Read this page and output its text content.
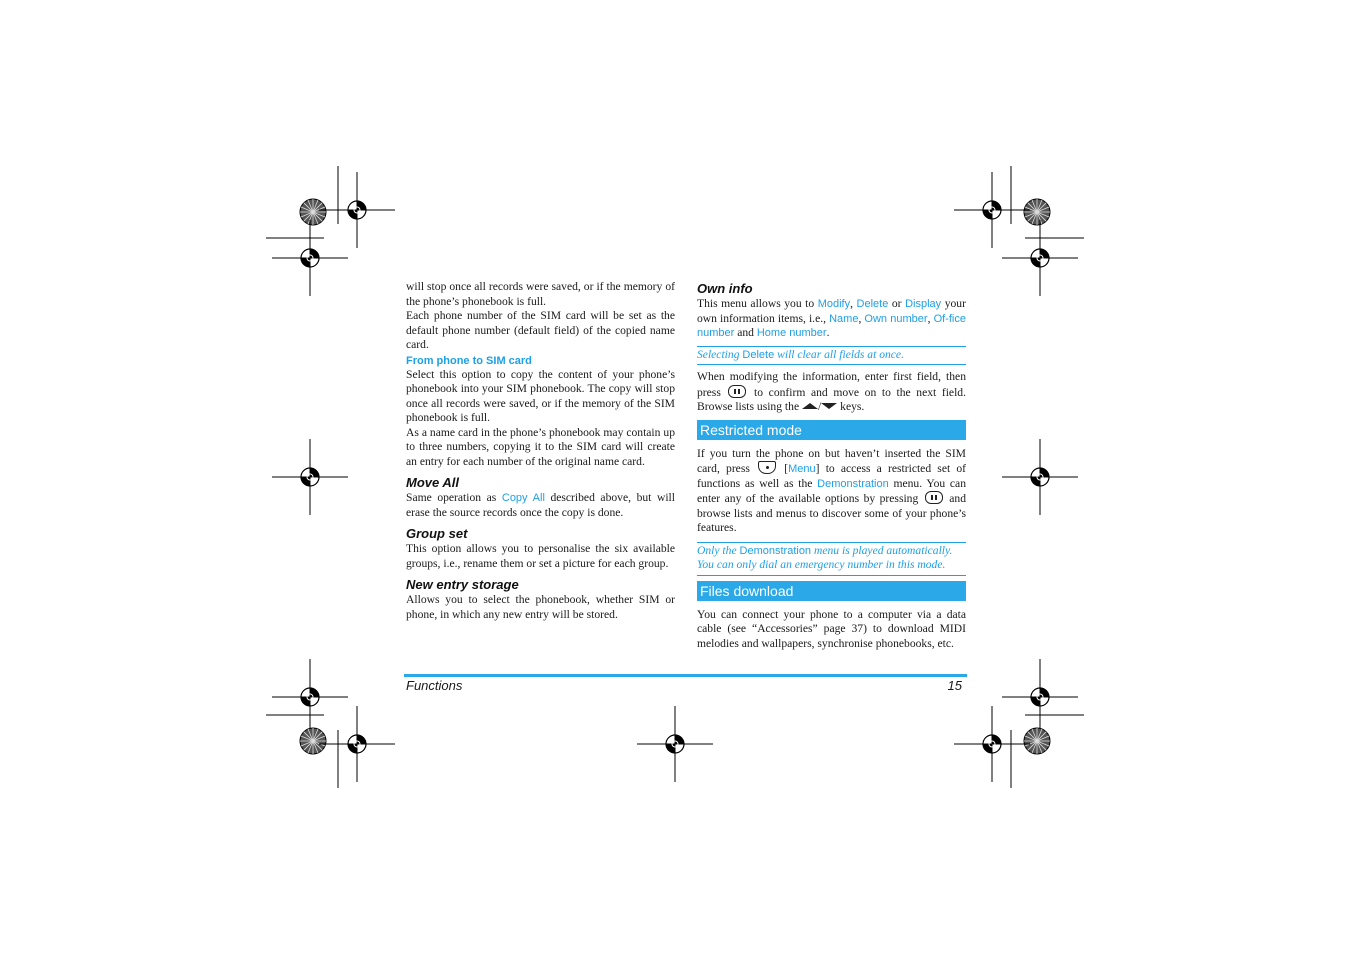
will stop once all records were saved, or if the memory of the phone’s phonebook is full.

Each phone number of the SIM card will be set as the default phone number (default field) of the copied name card.

From phone to SIM card

Select this option to copy the content of your phone’s phonebook into your SIM phonebook. The copy will stop once all records were saved, or if the memory of the SIM phonebook is full.

As a name card in the phone’s phonebook may contain up to three numbers, copying it to the SIM card will create an entry for each number of the original name card.

Move All

Same operation as Copy All described above, but will erase the source records once the copy is done.

Group set

This option allows you to personalise the six available groups, i.e., rename them or set a picture for each group.

New entry storage

Allows you to select the phonebook, whether SIM or phone, in which any new entry will be stored.

Own info

This menu allows you to Modify, Delete or Display your own information items, i.e., Name, Own number, Of-fice number and Home number.

Selecting Delete will clear all fields at once.

When modifying the information, enter first field, then press	to confirm and move on to the next field. Browse lists using the / keys.

Restricted mode

If you turn the phone on but haven’t inserted the SIM card, press	[Menu] to access a restricted set of functions as well as the Demonstration menu. You can enter any of the available options by pressing	and browse lists and menus to discover some of your phone’s features.

Only the Demonstration menu is played automatically. You can only dial an emergency number in this mode.
Files download

You can connect your phone to a computer via a data cable (see “Accessories” page 37) to download MIDI melodies and wallpapers, synchronise phonebooks, etc.

Functions	15
